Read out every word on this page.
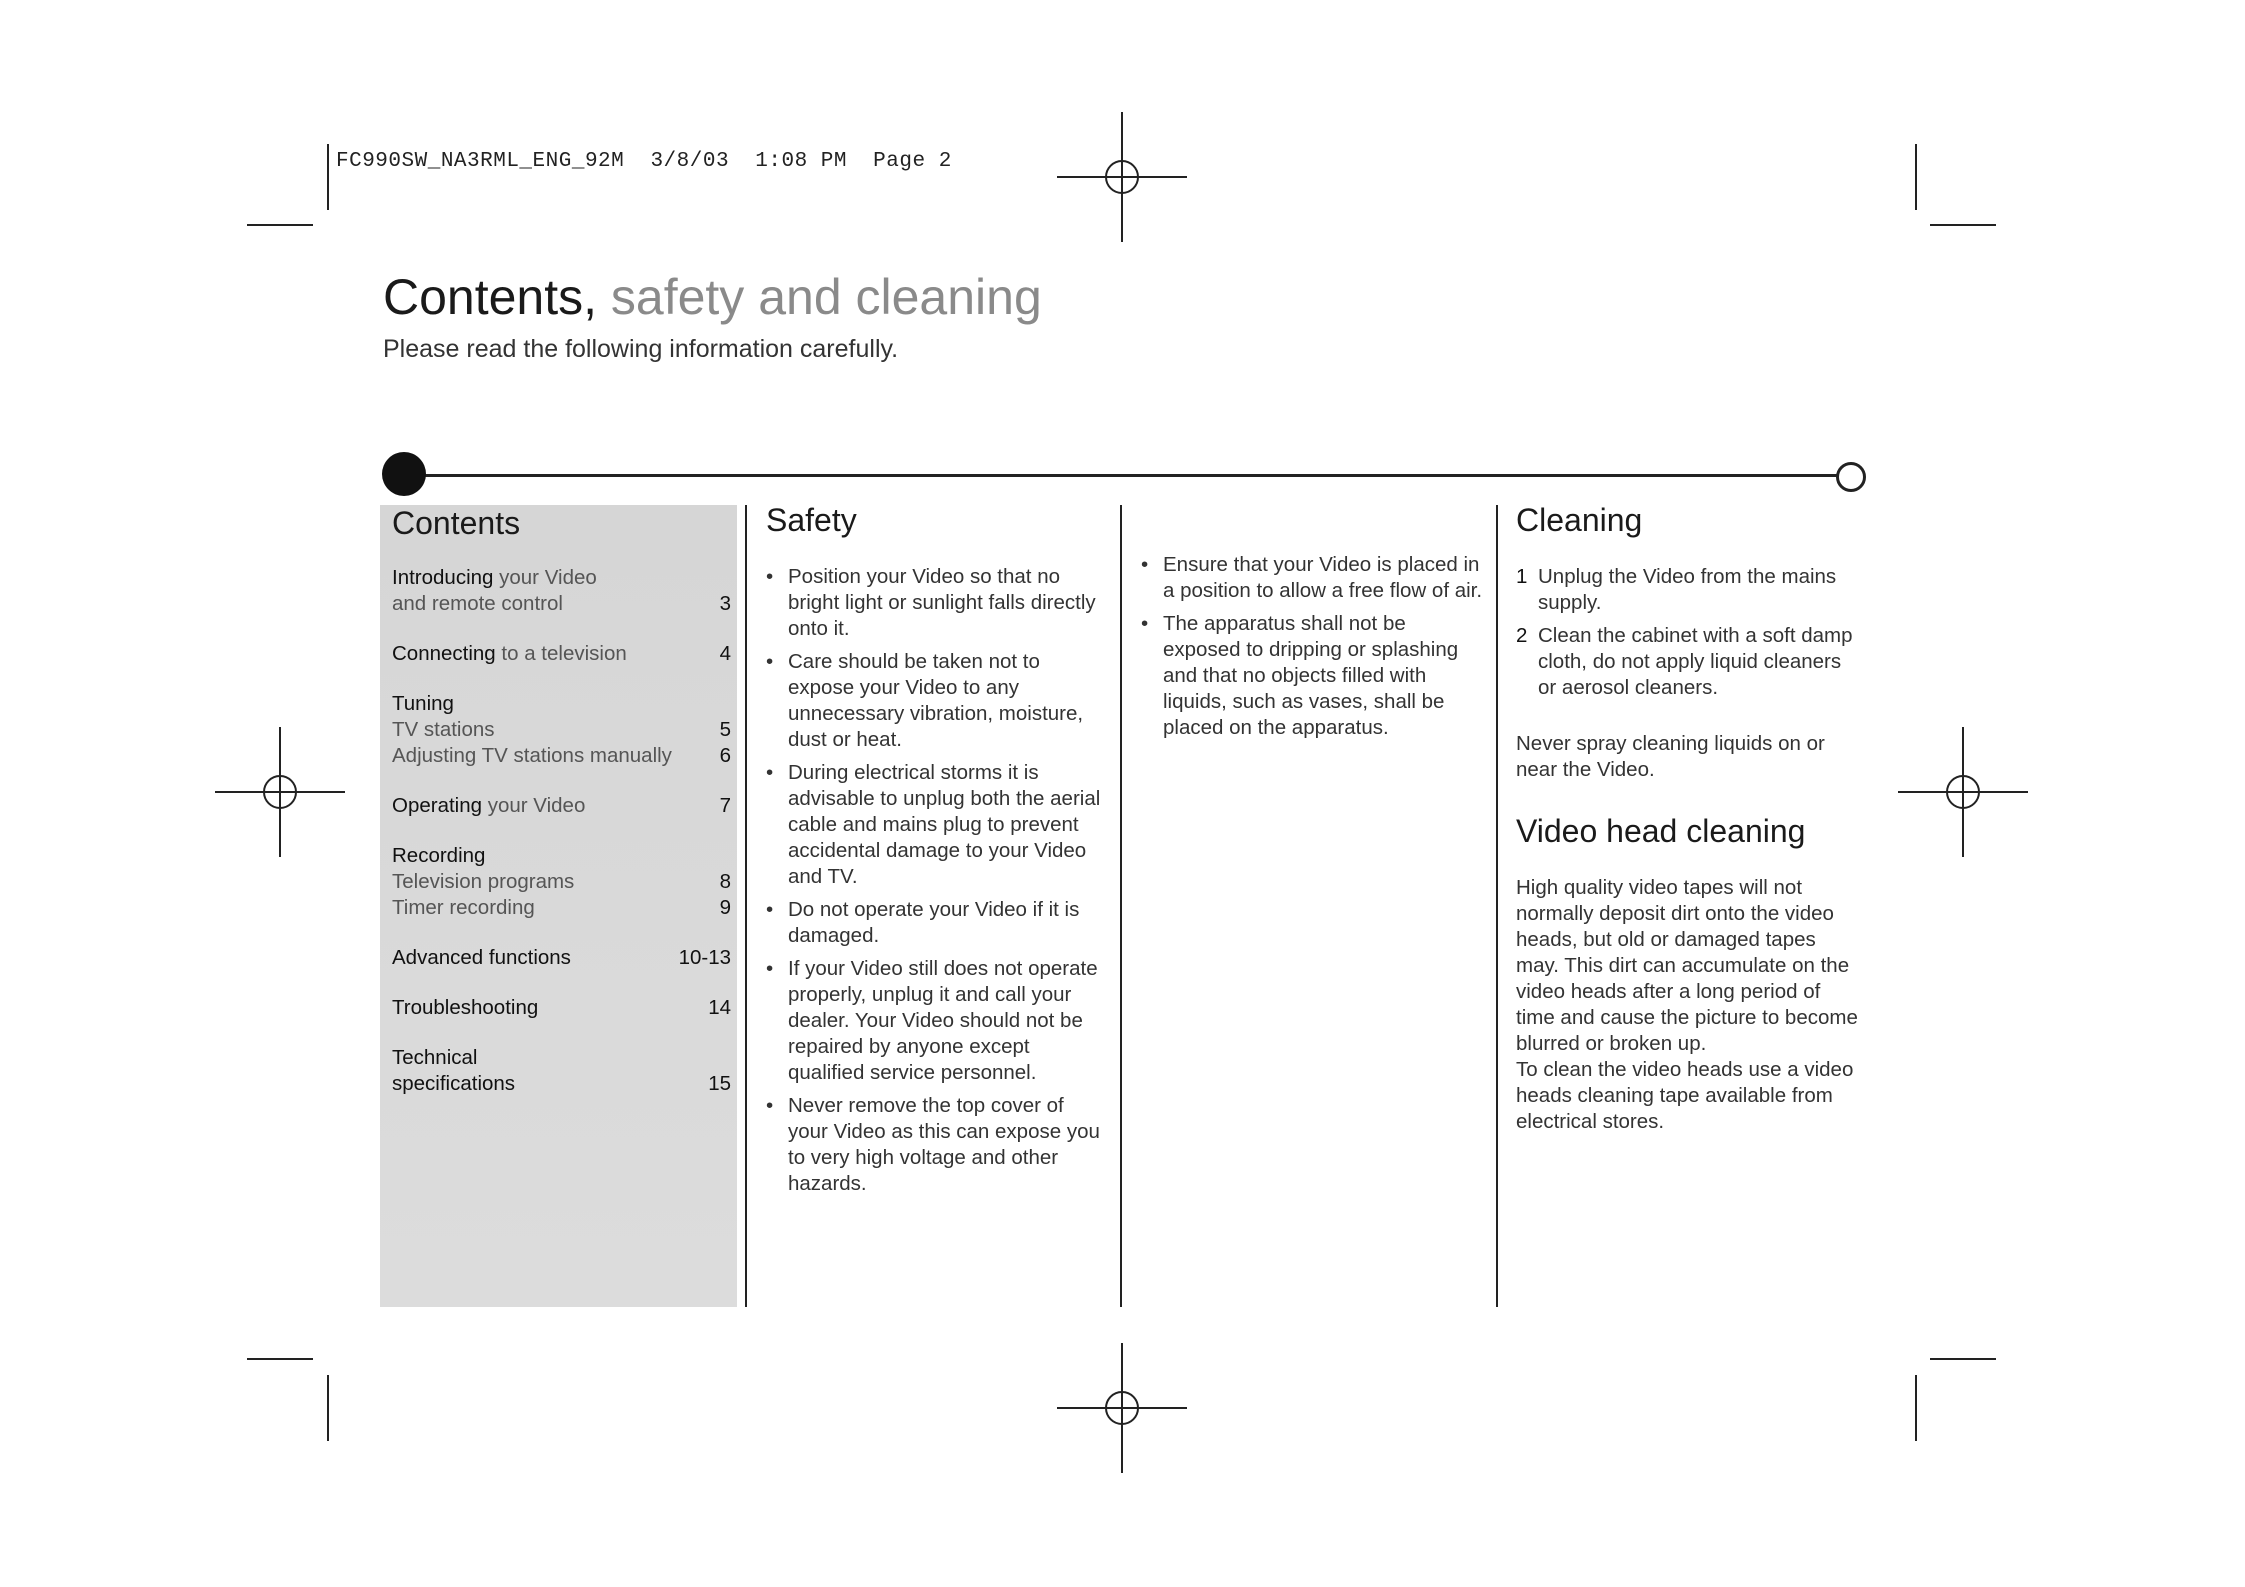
FC990SW_NA3RML_ENG_92M  3/8/03  1:08 PM  Page 2
Contents, safety and cleaning
Please read the following information carefully.
Contents
Introducing your Video
and remote control	3
Connecting to a television	4
Tuning
TV stations	5
Adjusting TV stations manually 6
Operating your Video	7
Recording
Television programs	8
Timer recording	9
Advanced functions	10-13
Troubleshooting	14
Technical
specifications	15
Safety
• Position your Video so that no bright light or sunlight falls directly onto it.
• Care should be taken not to expose your Video to any unnecessary vibration, moisture, dust or heat.
• During electrical storms it is advisable to unplug both the aerial cable and mains plug to prevent accidental damage to your Video and TV.
• Do not operate your Video if it is damaged.
• If your Video still does not operate properly, unplug it and call your dealer. Your Video should not be repaired by anyone except qualified service personnel.
• Never remove the top cover of your Video as this can expose you to very high voltage and other hazards.
• Ensure that your Video is placed in a position to allow a free flow of air.
• The apparatus shall not be exposed to dripping or splashing and that no objects filled with liquids, such as vases, shall be placed on the apparatus.
Cleaning
1 Unplug the Video from the mains supply.
2 Clean the cabinet with a soft damp cloth, do not apply liquid cleaners or aerosol cleaners.

Never spray cleaning liquids on or near the Video.

Video head cleaning

High quality video tapes will not normally deposit dirt onto the video heads, but old or damaged tapes may. This dirt can accumulate on the video heads after a long period of time and cause the picture to become blurred or broken up.

To clean the video heads use a video heads cleaning tape available from electrical stores.
